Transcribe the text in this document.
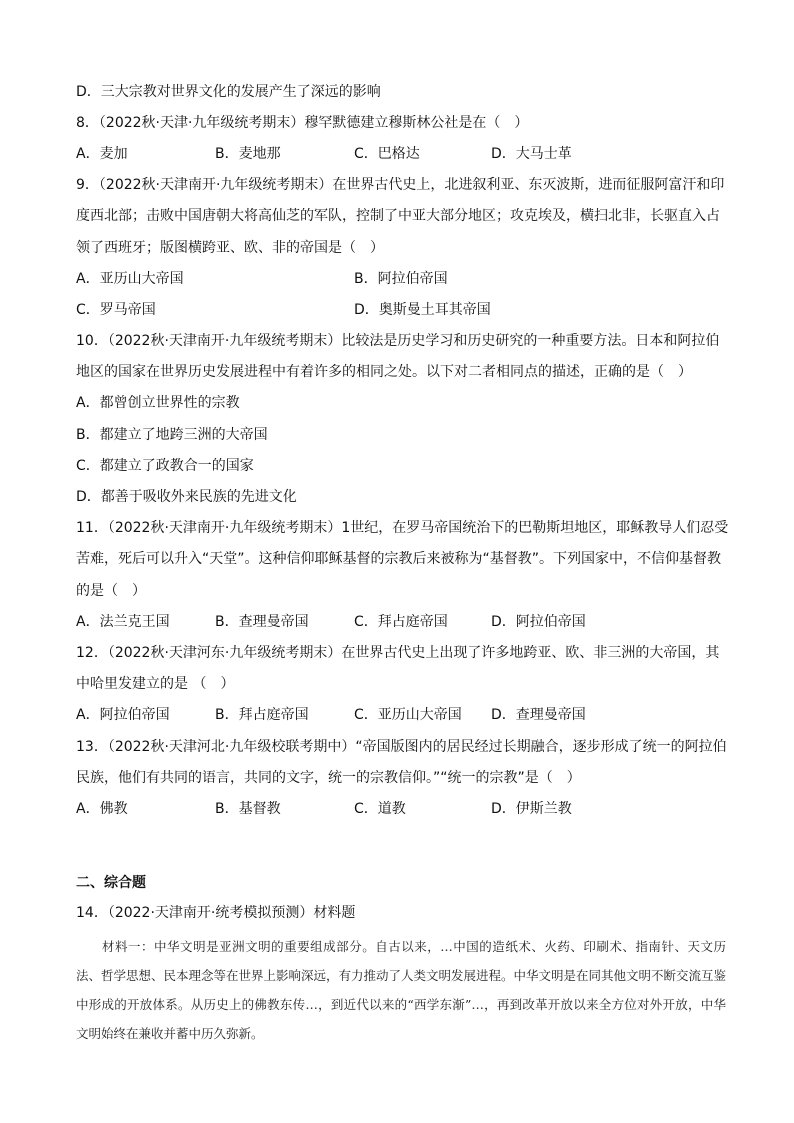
D．三大宗教对世界文化的发展产生了深远的影响
8．（2022秋·天津·九年级统考期末）穆罕默德建立穆斯林公社是在（　）
A．麦加	B．麦地那	C．巴格达	D．大马士革
9．（2022秋·天津南开·九年级统考期末）在世界古代史上，北进叙利亚、东灭波斯，进而征服阿富汗和印
度西北部；击败中国唐朝大将高仙芝的军队，控制了中亚大部分地区；攻克埃及，横扫北非，长驱直入占
领了西班牙；版图横跨亚、欧、非的帝国是（　）
A．亚历山大帝国	B．阿拉伯帝国
C．罗马帝国	D．奥斯曼土耳其帝国
10．（2022秋·天津南开·九年级统考期末）比较法是历史学习和历史研究的一种重要方法。日本和阿拉伯
地区的国家在世界历史发展进程中有着许多的相同之处。以下对二者相同点的描述，正确的是（　）
A．都曾创立世界性的宗教
B．都建立了地跨三洲的大帝国
C．都建立了政教合一的国家
D．都善于吸收外来民族的先进文化
11．（2022秋·天津南开·九年级统考期末）1世纪，在罗马帝国统治下的巴勒斯坦地区，耶稣教导人们忍受
苦难，死后可以升入“天堂”。这种信仰耶稣基督的宗教后来被称为“基督教”。下列国家中，不信仰基督教
的是（　）
A．法兰克王国	B．查理曼帝国	C．拜占庭帝国	D．阿拉伯帝国
12．（2022秋·天津河东·九年级统考期末）在世界古代史上出现了许多地跨亚、欧、非三洲的大帝国，其
中哈里发建立的是 （　）
A．阿拉伯帝国	B．拜占庭帝国	C．亚历山大帝国 D．查理曼帝国
13．（2022秋·天津河北·九年级校联考期中）“帝国版图内的居民经过长期融合，逐步形成了统一的阿拉伯
民族，他们有共同的语言，共同的文字，统一的宗教信仰。”“统一的宗教”是（　）
A．佛教	B．基督教	C．道教	D．伊斯兰教
二、综合题
14．（2022·天津南开·统考模拟预测）材料题

材料一：中华文明是亚洲文明的重要组成部分。自古以来，…中国的造纸术、火药、印刷术、指南针、天文历法、哲学思想、民本理念等在世界上影响深远，有力推动了人类文明发展进程。中华文明是在同其他文明不断交流互鉴中形成的开放体系。从历史上的佛教东传…，到近代以来的“西学东渐”…，再到改革开放以来全方位对外开放，中华文明始终在兼收并蓄中历久弥新。
